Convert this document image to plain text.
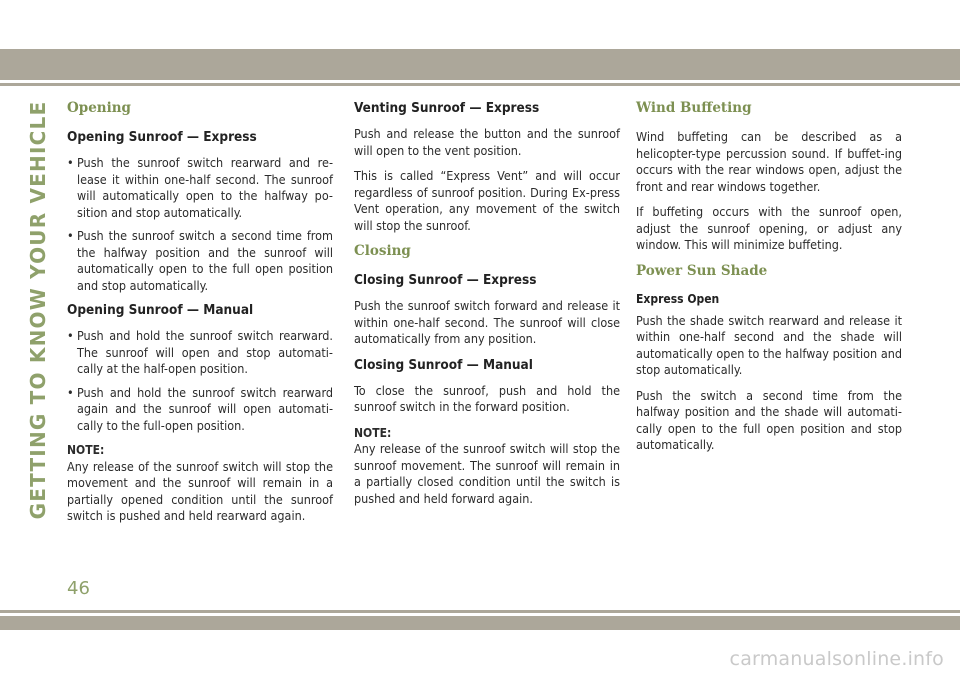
GETTING TO KNOW YOUR VEHICLE Opening
Opening Sunroof — Express
• Push the sunroof switch rearward and re-lease it within one-half second. The sunroof will automatically open to the halfway po-sition and stop automatically.
• Push the sunroof switch a second time from the halfway position and the sunroof will automatically open to the full open position and stop automatically.
Opening Sunroof — Manual
• Push and hold the sunroof switch rearward. The sunroof will open and stop automati-cally at the half-open position.
• Push and hold the sunroof switch rearward again and the sunroof will open automati-cally to the full-open position.
NOTE:

Any release of the sunroof switch will stop the movement and the sunroof will remain in a partially opened condition until the sunroof switch is pushed and held rearward again.

Venting Sunroof — Express

Push and release the button and the sunroof will open to the vent position.

This is called “Express Vent” and will occur regardless of sunroof position. During Ex-press Vent operation, any movement of the switch will stop the sunroof.

Closing
Closing Sunroof — Express

Push the sunroof switch forward and release it within one-half second. The sunroof will close automatically from any position.

Closing Sunroof — Manual

To close the sunroof, push and hold the sunroof switch in the forward position.

NOTE:

Any release of the sunroof switch will stop the sunroof movement. The sunroof will remain in a partially closed condition until the switch is pushed and held forward again.

Wind Buffeting

Wind buffeting can be described as a helicopter-type percussion sound. If buffet-ing occurs with the rear windows open, adjust the front and rear windows together.

If buffeting occurs with the sunroof open, adjust the sunroof opening, or adjust any window. This will minimize buffeting.

Power Sun Shade
Express Open

Push the shade switch rearward and release it within one-half second and the shade will automatically open to the halfway position and stop automatically.

Push the switch a second time from the halfway position and the shade will automati-cally open to the full open position and stop automatically.

46
carmanualsonline.info
